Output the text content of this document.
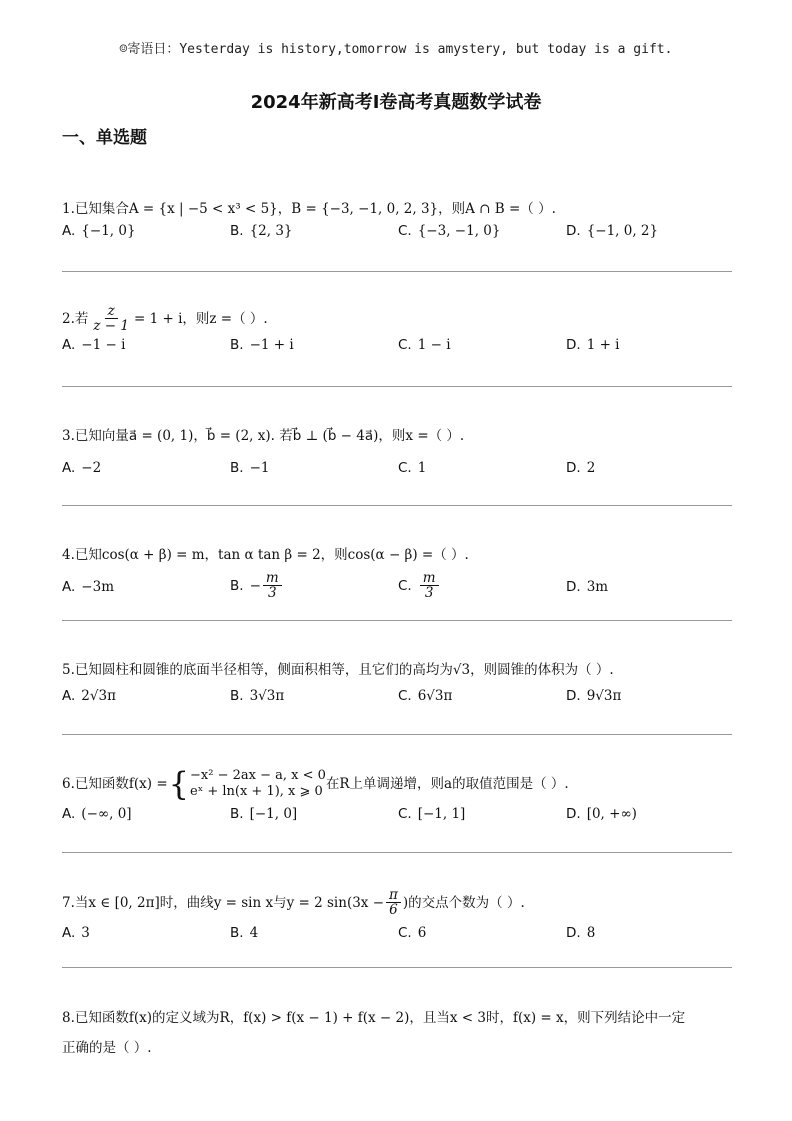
☺寄语日：Yesterday is history,tomorrow is amystery, but today is a gift.
2024年新高考Ⅰ卷高考真题数学试卷
一、单选题
1.已知集合A = {x | −5 < x³ < 5}，B = {−3, −1, 0, 2, 3}，则A ∩ B =（ ）.
A. {−1, 0}	B. {2, 3}	C. {−3, −1, 0}	D. {−1, 0, 2}
2.若 $\frac{z}{z - 1} = 1 + i$，则z =（ ）.
A. −1 − i	B. −1 + i	C. 1 − i	D. 1 + i
3.已知向量a⃗ = (0, 1)，b⃗ = (2, x). 若b⃗ ⊥ (b⃗ − 4a⃗)，则x =（ ）.
A. −2	B. −1	C. 1	D. 2
4.已知cos(α + β) = m，tan α tan β = 2，则cos(α − β) =（ ）.
A. −3m	B. − $\frac{m}{3}$	C. $\frac{m}{3}$	D. 3m
5.已知圆柱和圆锥的底面半径相等，侧面积相等，且它们的高均为√3，则圆锥的体积为（ ）.
A. 2√3π	B. 3√3π	C. 6√3π	D. 9√3π
6.已知函数f(x) = { −x² − 2ax − a, x < 0
eˣ + ln(x + 1), x ⩾ 0 在R上单调递增，则a的取值范围是（ ）.
A. (−∞, 0]	B. [−1, 0]	C. [−1, 1]	D. [0, +∞)
7.当x ∈ [0, 2π]时，曲线y = sin x与y = 2 $\sin(3x - \frac{\pi}{6}$ )的交点个数为（ ）.
A. 3	B. 4	C. 6	D. 8
8.已知函数f(x)的定义域为R，f(x) > f(x − 1) + f(x − 2)，且当x < 3时，f(x) = x，则下列结论中一定
正确的是（ ）.
